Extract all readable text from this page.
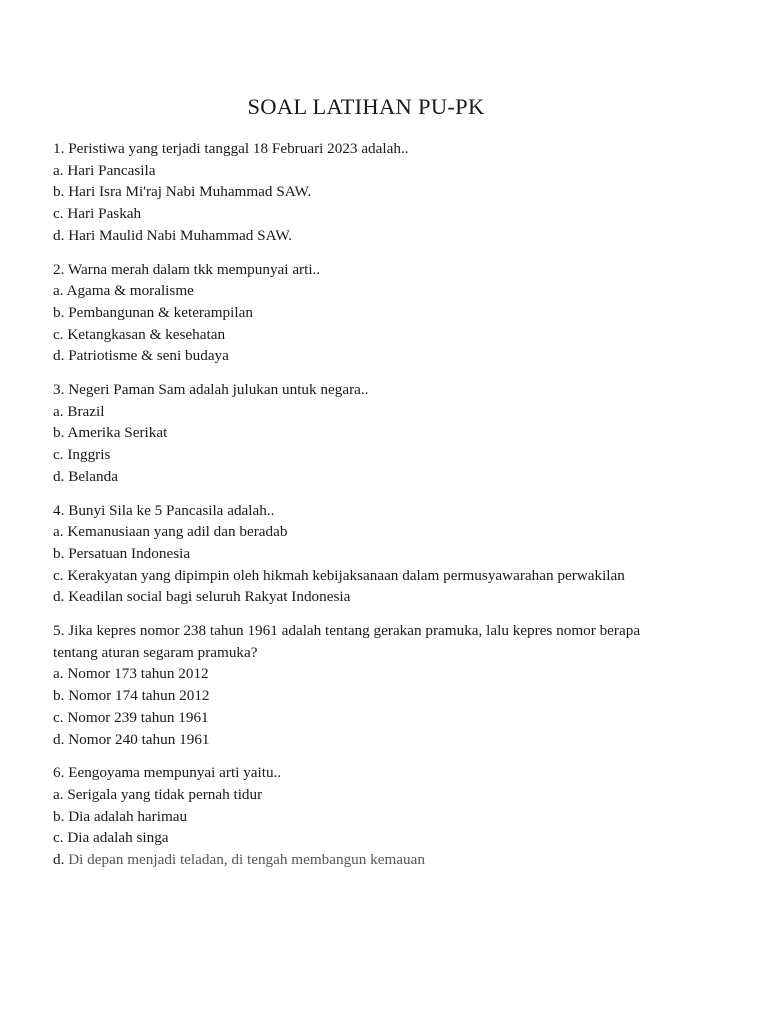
SOAL LATIHAN PU-PK
1. Peristiwa yang terjadi tanggal 18 Februari 2023 adalah..
a. Hari Pancasila
b. Hari Isra Mi'raj Nabi Muhammad SAW.
c. Hari Paskah
d. Hari Maulid Nabi Muhammad SAW.
2. Warna merah dalam tkk mempunyai arti..
a. Agama & moralisme
b. Pembangunan & keterampilan
c. Ketangkasan & kesehatan
d. Patriotisme & seni budaya
3. Negeri Paman Sam adalah julukan untuk negara..
a. Brazil
b. Amerika Serikat
c. Inggris
d. Belanda
4. Bunyi Sila ke 5 Pancasila adalah..
a. Kemanusiaan yang adil dan beradab
b. Persatuan Indonesia
c. Kerakyatan yang dipimpin oleh hikmah kebijaksanaan dalam permusyawarahan perwakilan
d. Keadilan social bagi seluruh Rakyat Indonesia
5. Jika kepres nomor 238 tahun 1961 adalah tentang gerakan pramuka, lalu kepres nomor berapa
tentang aturan segaram pramuka?
a. Nomor 173 tahun 2012
b. Nomor 174 tahun 2012
c. Nomor 239 tahun 1961
d. Nomor 240 tahun 1961
6. Eengoyama mempunyai arti yaitu..
a. Serigala yang tidak pernah tidur
b. Dia adalah harimau
c. Dia adalah singa
d. Di depan menjadi teladan, di tengah membangun kemauan
